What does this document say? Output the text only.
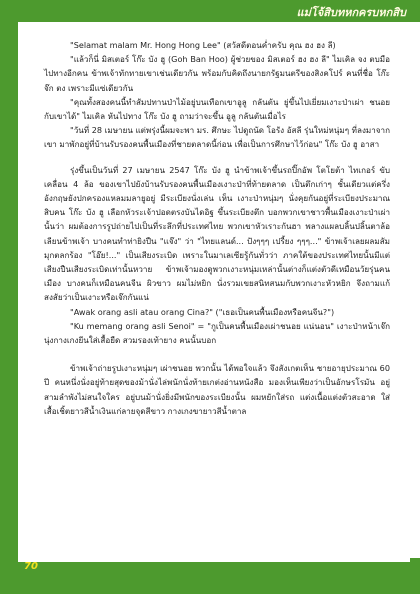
แม่โจ้สิบทหกครบหกสิบ

"Selamat malam Mr. Hong Hong Lee" (สวัสดีตอนค่ำครับ คุณ ฮง ฮง ลี)

"แล้วก็นี่ มิสเตอร์ โก๊ะ บัง ฮู (Goh Ban Hoo) ผู้ช่วยของ มิสเตอร์ ฮง ฮง ลี" ไมเคิล จง ตบมือไปทางอีกคน ข้าพเจ้าทักทายเขาเช่นเดียวกัน พร้อมกับคิดถึงนายกรัฐมนตรีของสิงคโปร์ คนที่ชื่อ โก๊ะ จ๊ก ตง เพราะมีแซ่เดียวกัน

"คุณทั้งสองคนนี้ทำสัมปทานป่าไม้อยู่บนเทือกเขาอูลู กลันตัน ยู่ขึ้นไปเยี่ยมเงาะป่าเผ่า ชนอย กับเขาได้" ไมเคิล หันไปทาง โก๊ะ บัง ฮู ถามว่าจะขึ้น อูลู กลันตันเมื่อไร

"วันที่ 28 เมษายน แต่พรุ่งนี้ผมจะพา มร. ศึกษะ ไปดูถนัด โอรัง อัสลี รุ่นใหม่หนุ่มๆ ที่ลงมาจากเขา มาพักอยู่ที่บ้านรับรองคนพื้นเมืองที่ชายตลาดนี้ก่อน เพื่อเป็นการศึกษาไว้ก่อน" โก๊ะ บัง ฮู อาสา

รุ่งขึ้นเป็นวันที่ 27 เมษายน 2547 โก๊ะ บัง ฮู นำข้าพเจ้าขึ้นรถปิ๊กอัพ โตโยต้า ไทเกอร์ ขับเคลื่อน 4 ล้อ ของเขาไปยังบ้านรับรองคนพื้นเมืองเงาะป่าที่ท้ายตลาด เป็นตึกเก่าๆ ชั้นเดียวแต่ครึ่งอังกฤษยังปกครองแหลมมลายูอยู่ มีระเบียงนั่งเล่น เห็น เงาะป่าหนุ่มๆ นั่งคุยกันอยู่ที่ระเบียงประมาณสิบคน โก๊ะ บัง ฮู เลือกหัวระเจ้าปอดตรงบันไดอิฐ ขึ้นระเบียงตึก บอกพวกเขาชาวพื้นเมืองเงาะป่าเผ่านั้นว่า ผมต้องการรูปถ่ายไปเป็นที่ระลึกที่ประเทศไทย พวกเขาหัวเราะกันฮา พลางแผลบลิ้นปลิ้นตาล้อเลียนข้าพเจ้า บางคนทำท่ายิงปืน "แจ๊ง" ว่า "ไทยแลนด์... ปังๆๆๆ เปรี้ยง ๆๆๆ..." ข้าพเจ้าเลยผลมสัมมุกตลกร้อง "โอ๊ย!..." เป็นเสียงระเบิด เพราะในมาเลเซียรู้กันทั่วว่า ภาคใต้ของประเทศไทยนั้นมีแต่เสียงปืนเสียงระเบิดเท่านั้นหวาย ข้าพเจ้ามองดูพวกเงาะหนุ่มเหล่านั้นต่างก็แต่งตัวดีเหมือนวัยรุ่นคนเมือง บางคนก็เหมือนคนจีน ผิวขาว ผมไม่หยิก นั่งรวมเขยสนิทสนมกับพวกเงาะหัวหยิก จึงถามแก้สงสัยว่าเป็นเงาะหรือเจ๊กกันแน่

"Awak orang asli atau orang Cina?" ("เธอเป็นคนพื้นเมืองหรือคนจีน?")

"Ku memang orang asli Senoi" = "กูเป็นคนพื้นเมืองเผ่าชนอย แน่นอน" เงาะป่าหน้าเจ๊กนุ่งกางเกงยีนใส่เสื้อยืด สวมรองเท้ายาง คนนั้นบอก

ข้าพเจ้าถ่ายรูปเงาะหนุ่มๆ เผ่าชนอย พวกนั้น ได้พอใจแล้ว จึงสังเกตเห็น ชายอายุประมาณ 60 ปี คนหนึ่งนั่งอยู่ท้ายสุดของม้านั่งไล่พนักนั่งท้ายเกต่งอ่านหนังสือ มองเห็นเพียงว่าเป็นอักษรโรมัน อยู่สามลำพังไม่สนใจใคร อยู่บนม้านั่งยิ่งมีพนักของระเบียงนั้น ผมหยักใส่รถ แต่งเนื้อแต่งตัวสะอาด ใส่เสื้อเชิ้ตยาวสีน้ำเงินแก่ลายจุดสีขาว กางเกงขายาวสีน้ำตาล

70
